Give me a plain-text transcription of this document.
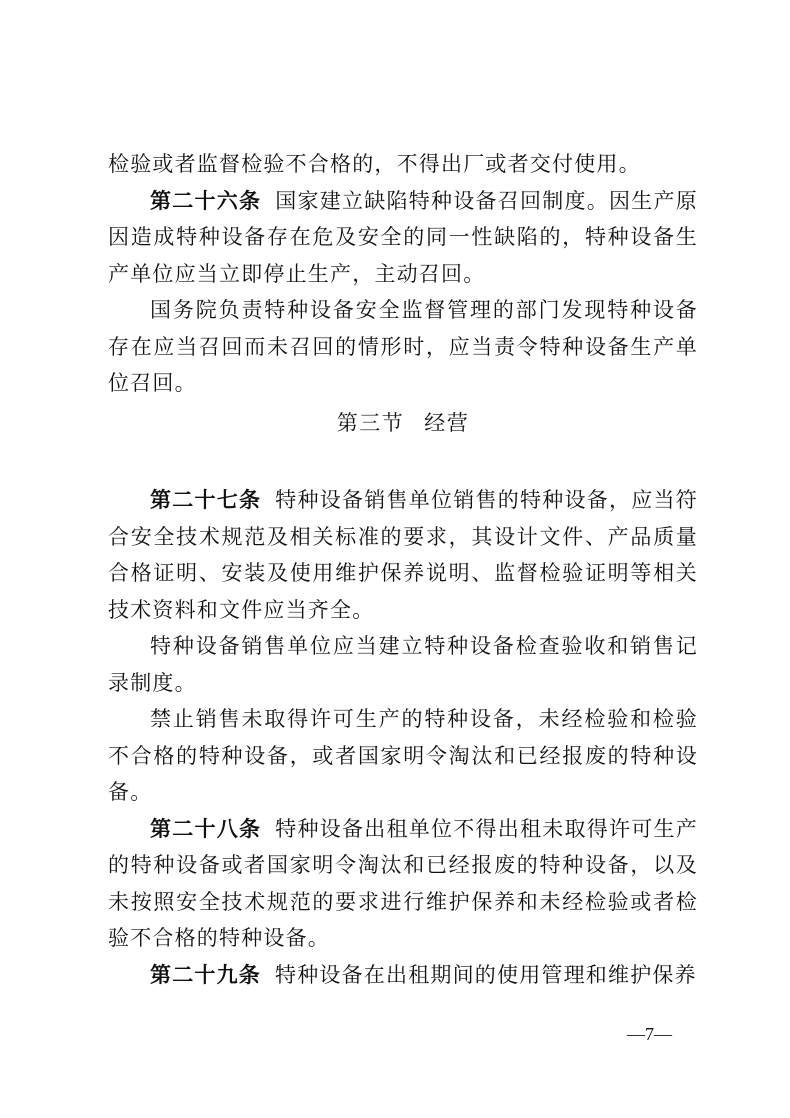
检验或者监督检验不合格的，不得出厂或者交付使用。

第二十六条 国家建立缺陷特种设备召回制度。因生产原因造成特种设备存在危及安全的同一性缺陷的，特种设备生产单位应当立即停止生产，主动召回。

国务院负责特种设备安全监督管理的部门发现特种设备存在应当召回而未召回的情形时，应当责令特种设备生产单位召回。

第三节 经营

第二十七条 特种设备销售单位销售的特种设备，应当符合安全技术规范及相关标准的要求，其设计文件、产品质量合格证明、安装及使用维护保养说明、监督检验证明等相关技术资料和文件应当齐全。

特种设备销售单位应当建立特种设备检查验收和销售记录制度。

禁止销售未取得许可生产的特种设备，未经检验和检验不合格的特种设备，或者国家明令淘汰和已经报废的特种设备。

第二十八条 特种设备出租单位不得出租未取得许可生产的特种设备或者国家明令淘汰和已经报废的特种设备，以及未按照安全技术规范的要求进行维护保养和未经检验或者检验不合格的特种设备。

第二十九条 特种设备在出租期间的使用管理和维护保养

—7—
